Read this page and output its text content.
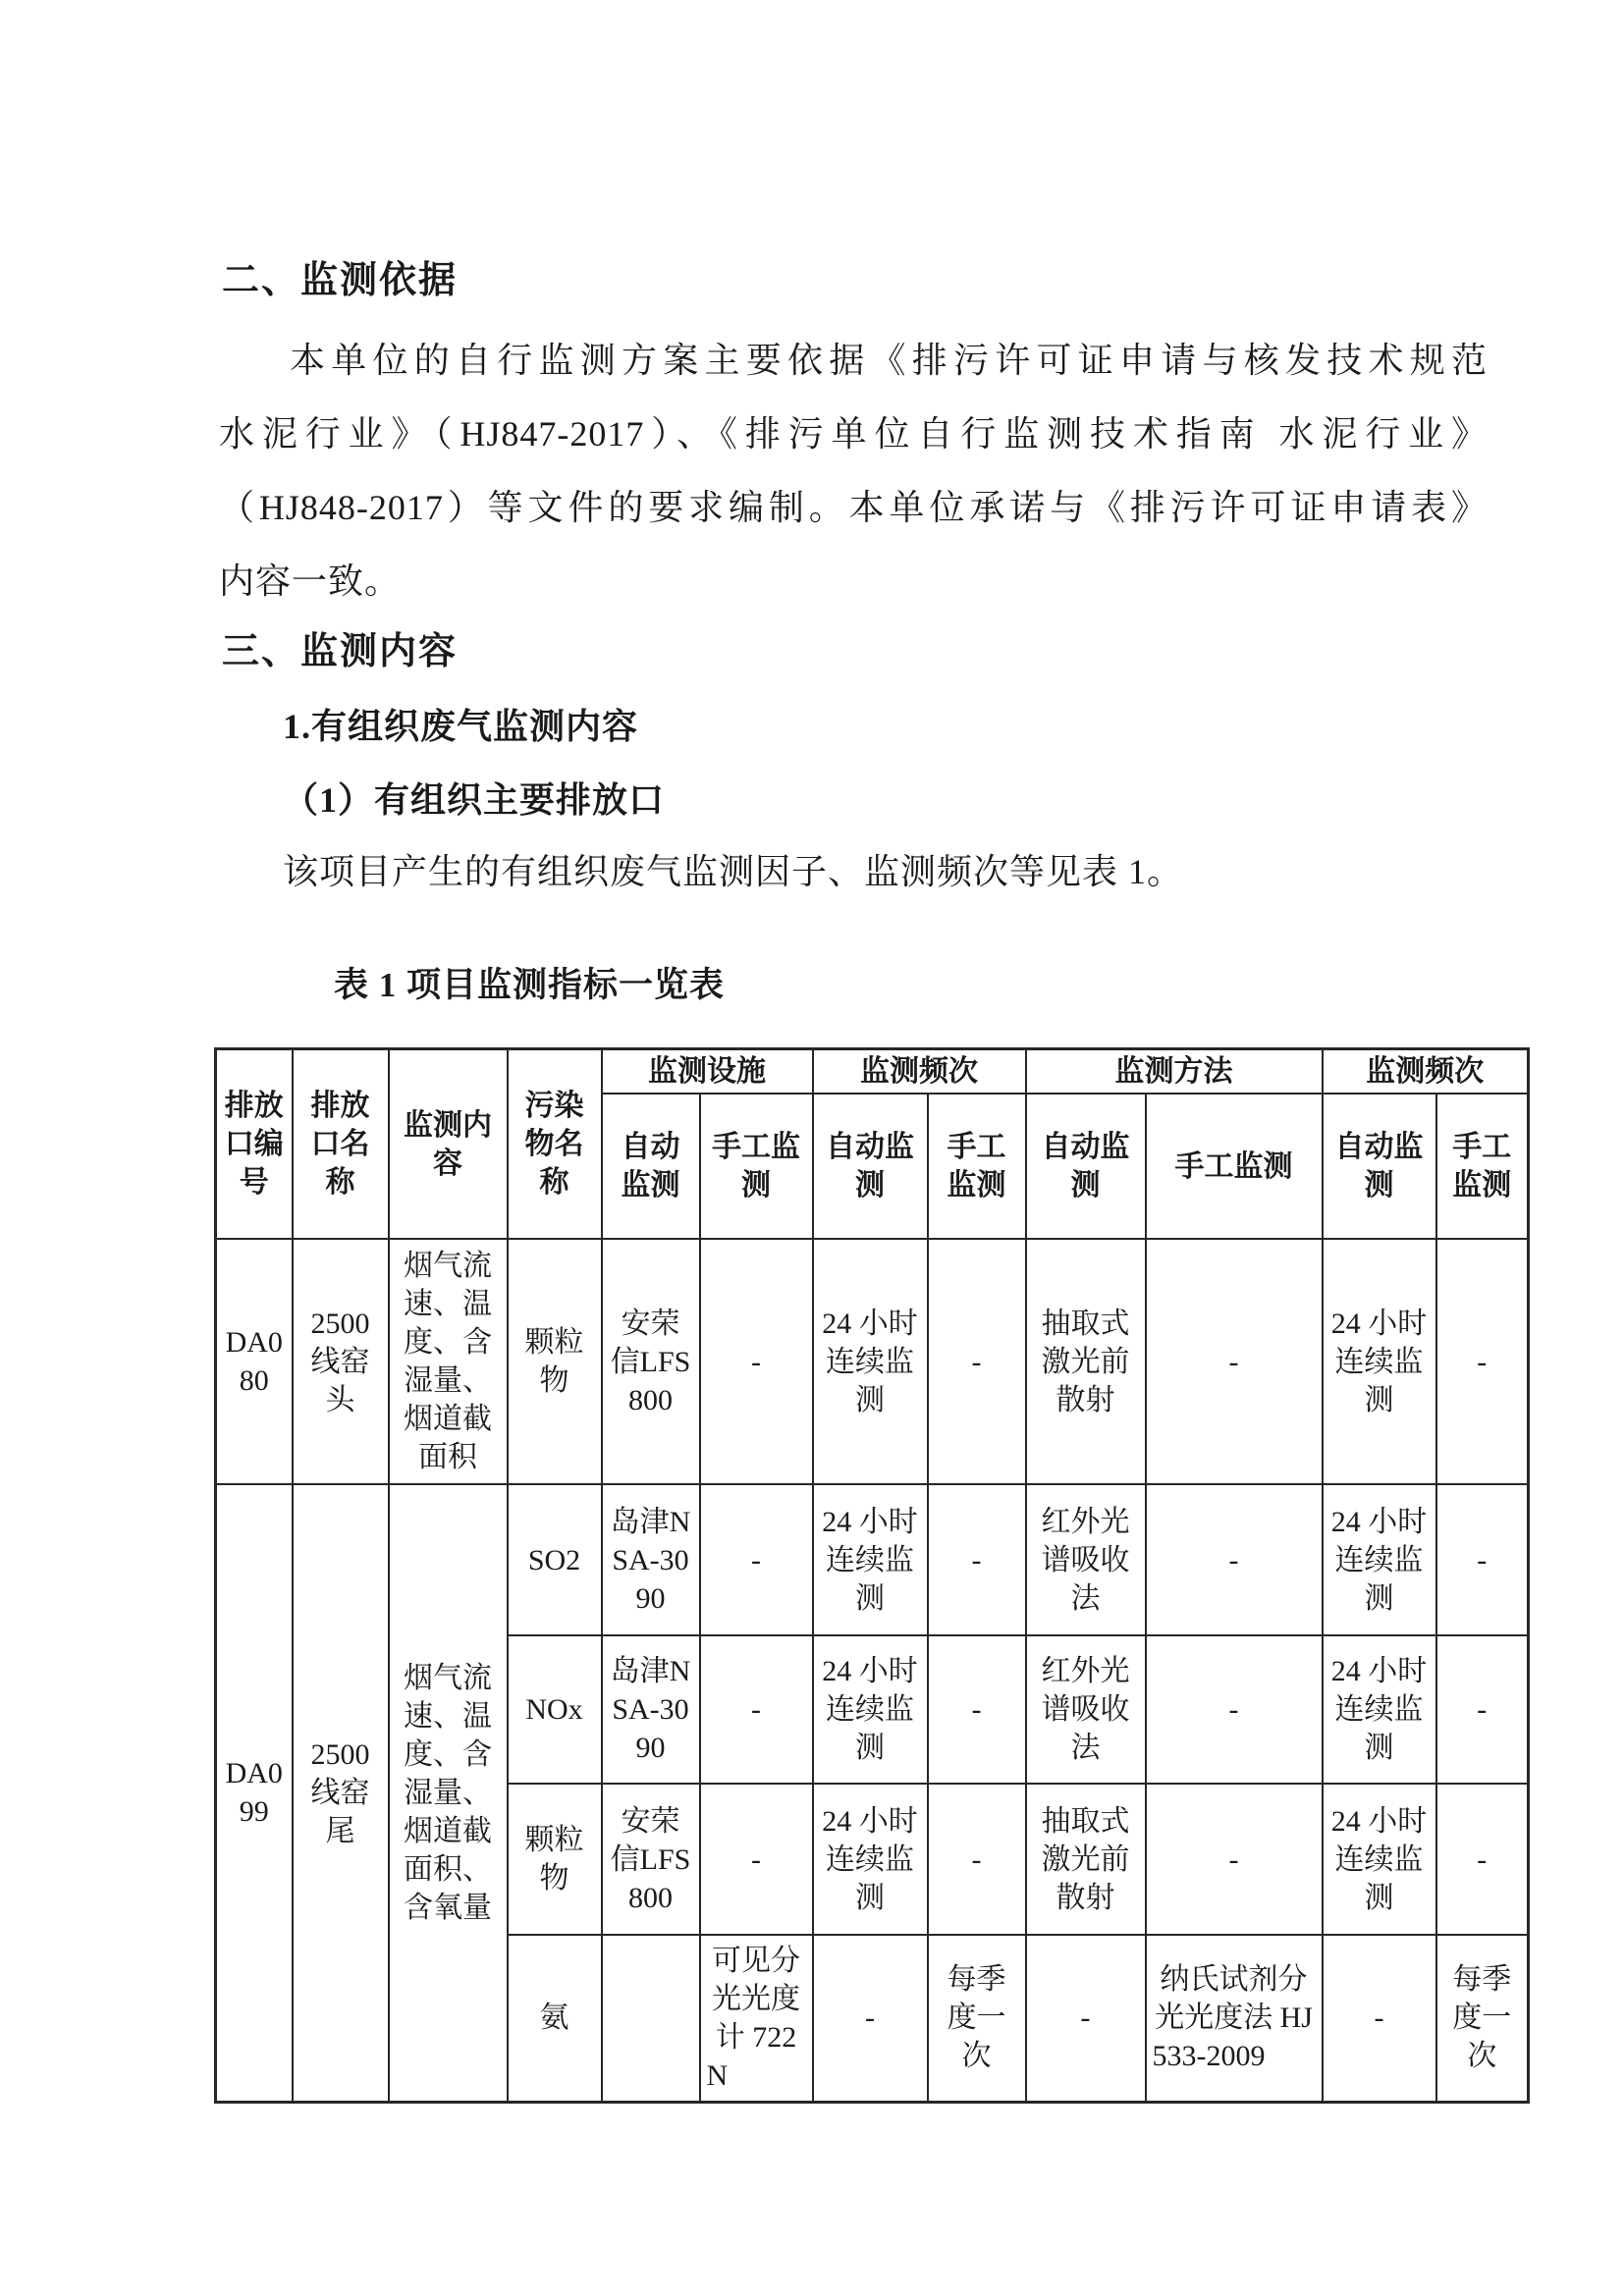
二、监测依据
本单位的自行监测方案主要依据《排污许可证申请与核发技术规范
水泥行业》（HJ847-2017）、《排污单位自行监测技术指南 水泥行业》
（HJ848-2017）等文件的要求编制。本单位承诺与《排污许可证申请表》
内容一致。
三、监测内容
1.有组织废气监测内容
（1）有组织主要排放口
该项目产生的有组织废气监测因子、监测频次等见表 1。
表 1 项目监测指标一览表
排放口编号	排放口名称	监测内容	污染物名称	监测设施		监测频次		监测方法		监测频次	
				自动监测	手工监测	自动监测	手工监测	自动监测	手工监测	自动监测	手工监测
DA080	2500线窑头	烟气流速、温度、含湿量、烟道截面积	颗粒物	安荣信LFS800	-	24 小时连续监测	-	抽取式激光前散射	-	24 小时连续监测	-
DA099	2500线窑尾	烟气流速、温度、含湿量、烟道截面积、含氧量	SO2	岛津NSA-3090	-	24 小时连续监测	-	红外光谱吸收法	-	24 小时连续监测	-
			NOx	岛津NSA-3090	-	24 小时连续监测	-	红外光谱吸收法	-	24 小时连续监测	-
			颗粒物	安荣信LFS800	-	24 小时连续监测	-	抽取式激光前散射	-	24 小时连续监测	-
			氨		可见分光光度计 722N	-	每季度一次	-	纳氏试剂分光光度法 HJ 533-2009	-	每季度一次
